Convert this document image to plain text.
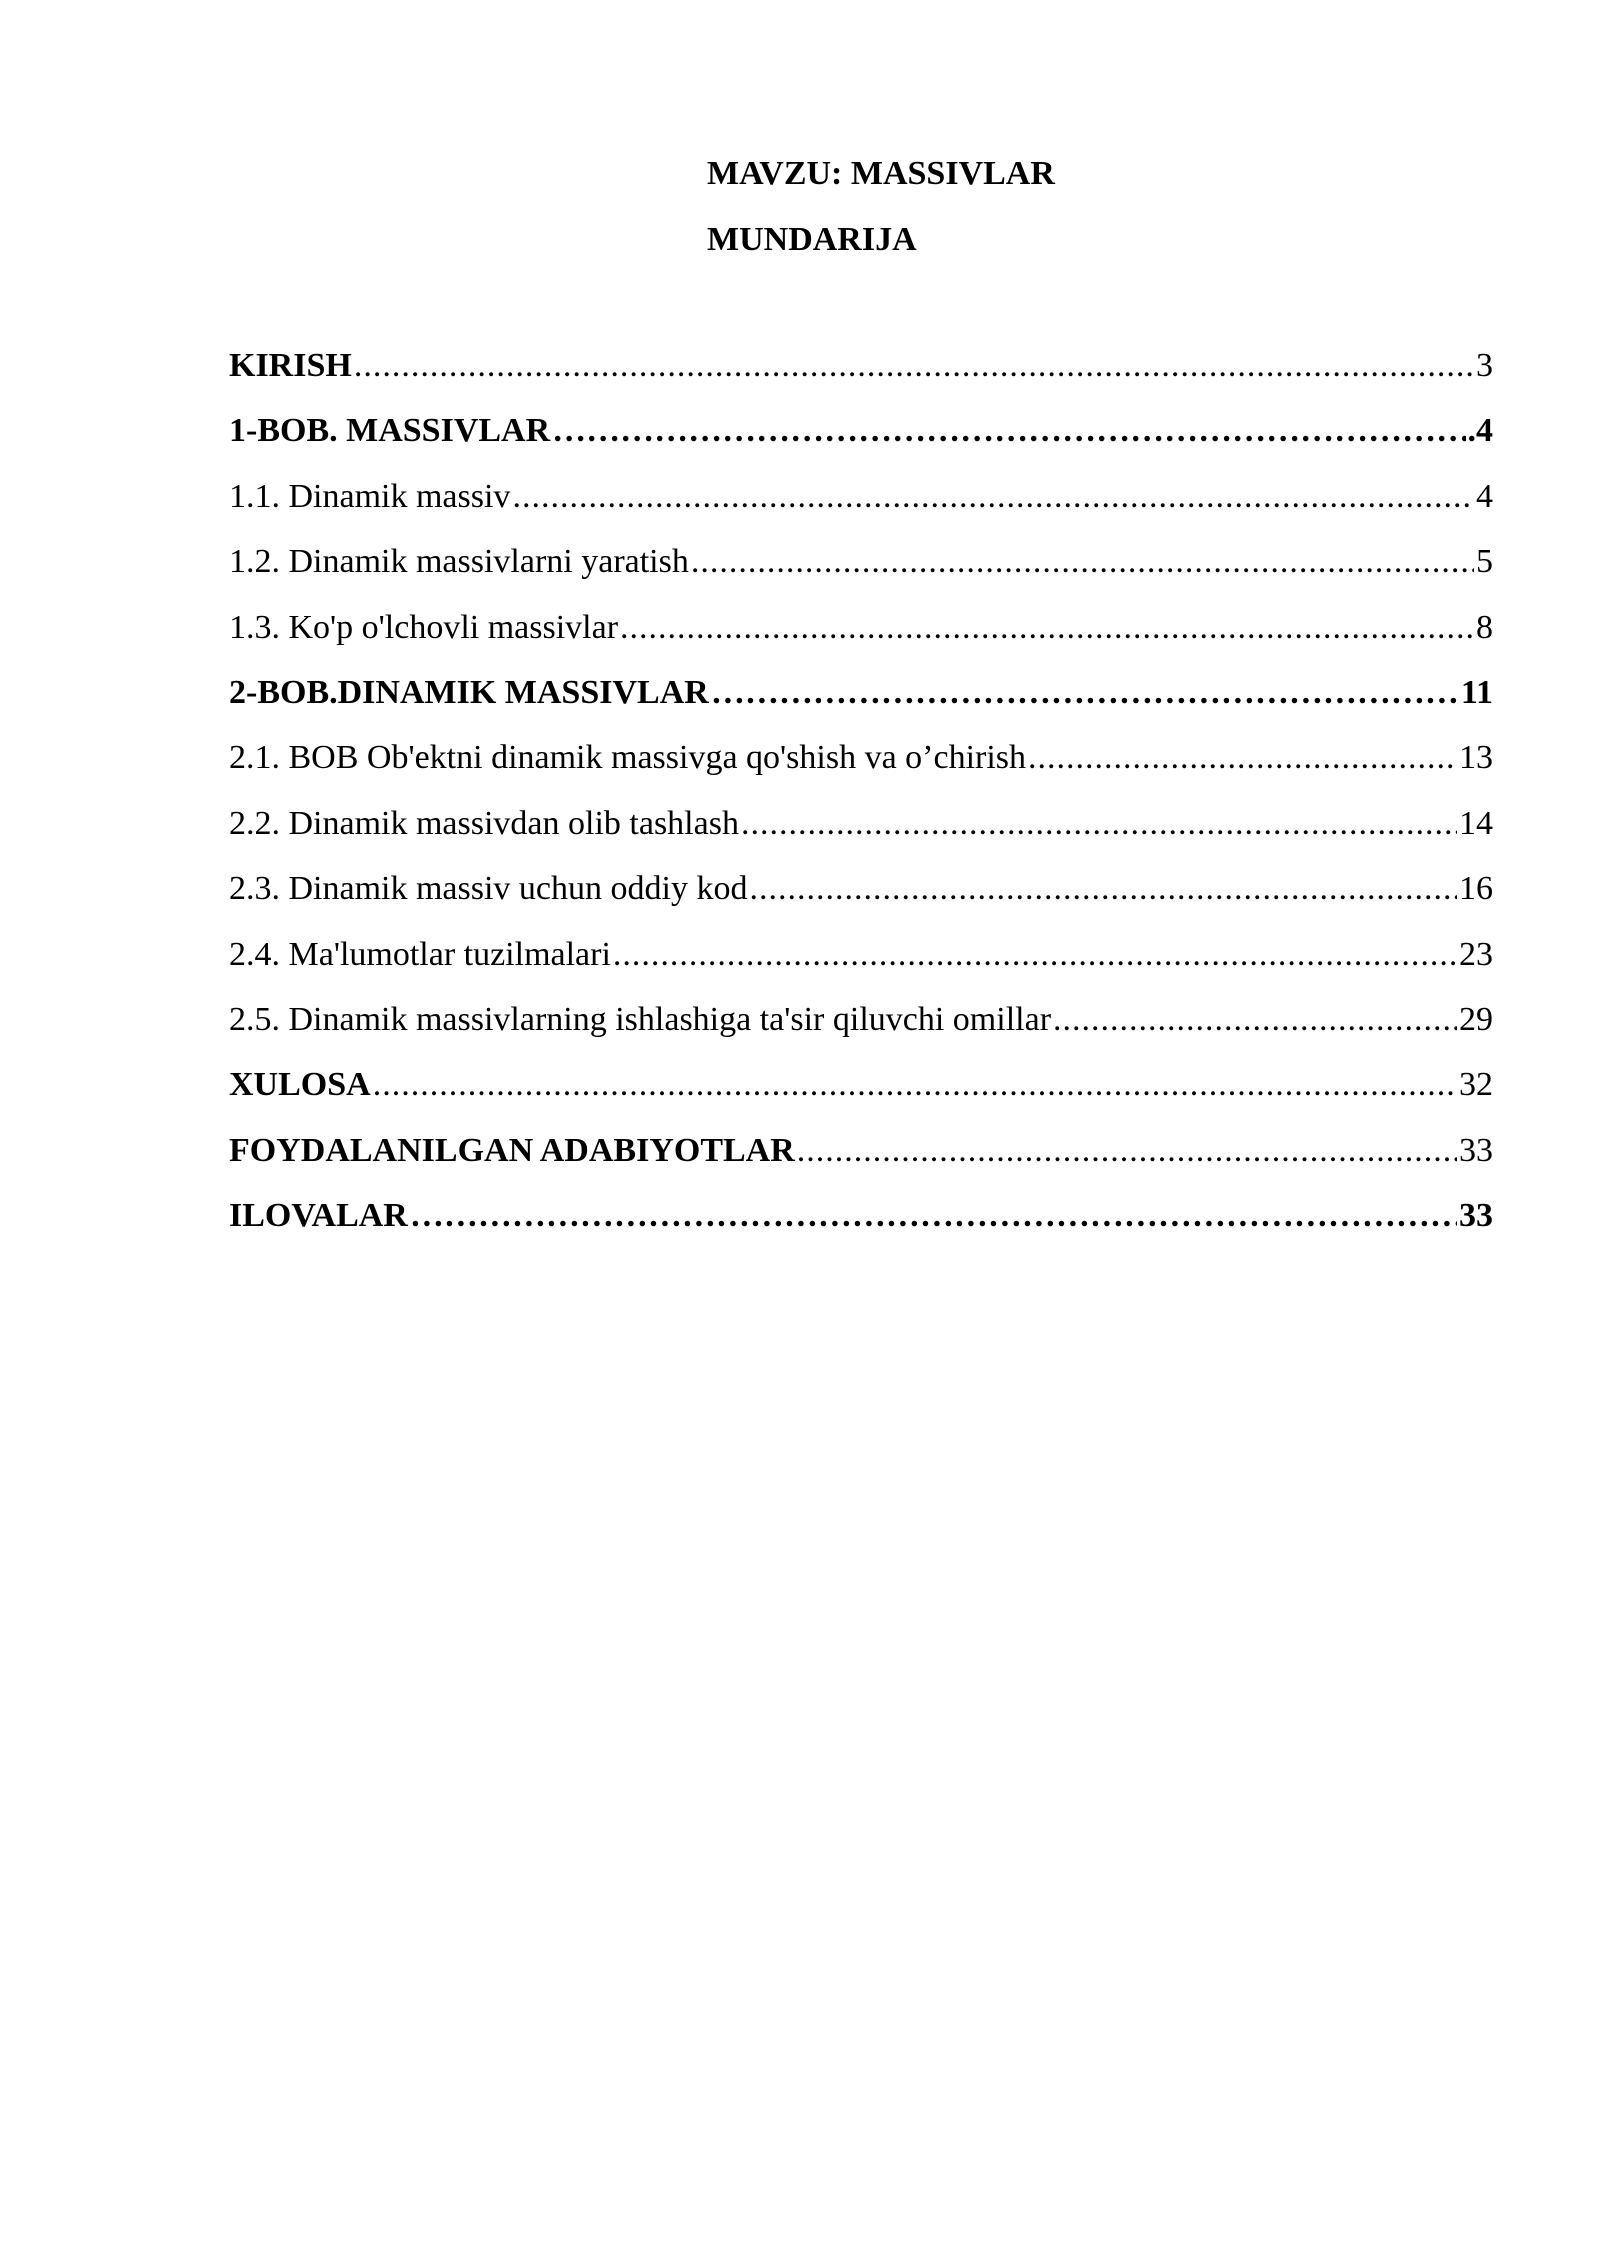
MAVZU: MASSIVLAR
MUNDARIJA
KIRISH .....	3
1-BOB. MASSIVLAR ………………………………………………………………………………………………………………………………………………………	.4
1.1. Dinamik massiv .....	4
1.2. Dinamik massivlarni yaratish .....	5
1.3. Ko'p o'lchovli massivlar .....	8
2-BOB.DINAMIK MASSIVLAR ………………………………………………………………………………………………………………………………………………………	11
2.1. BOB Ob'ektni dinamik massivga qo'shish va o’chirish .....	13
2.2. Dinamik massivdan olib tashlash .....	14
2.3. Dinamik massiv uchun oddiy kod .....	16
2.4. Ma'lumotlar tuzilmalari .....	23
2.5. Dinamik massivlarning ishlashiga ta'sir qiluvchi omillar .....	29
XULOSA .....	32
FOYDALANILGAN ADABIYOTLAR .....	33
ILOVALAR ………………………………………………………………………………………………………………………………………………………	33
